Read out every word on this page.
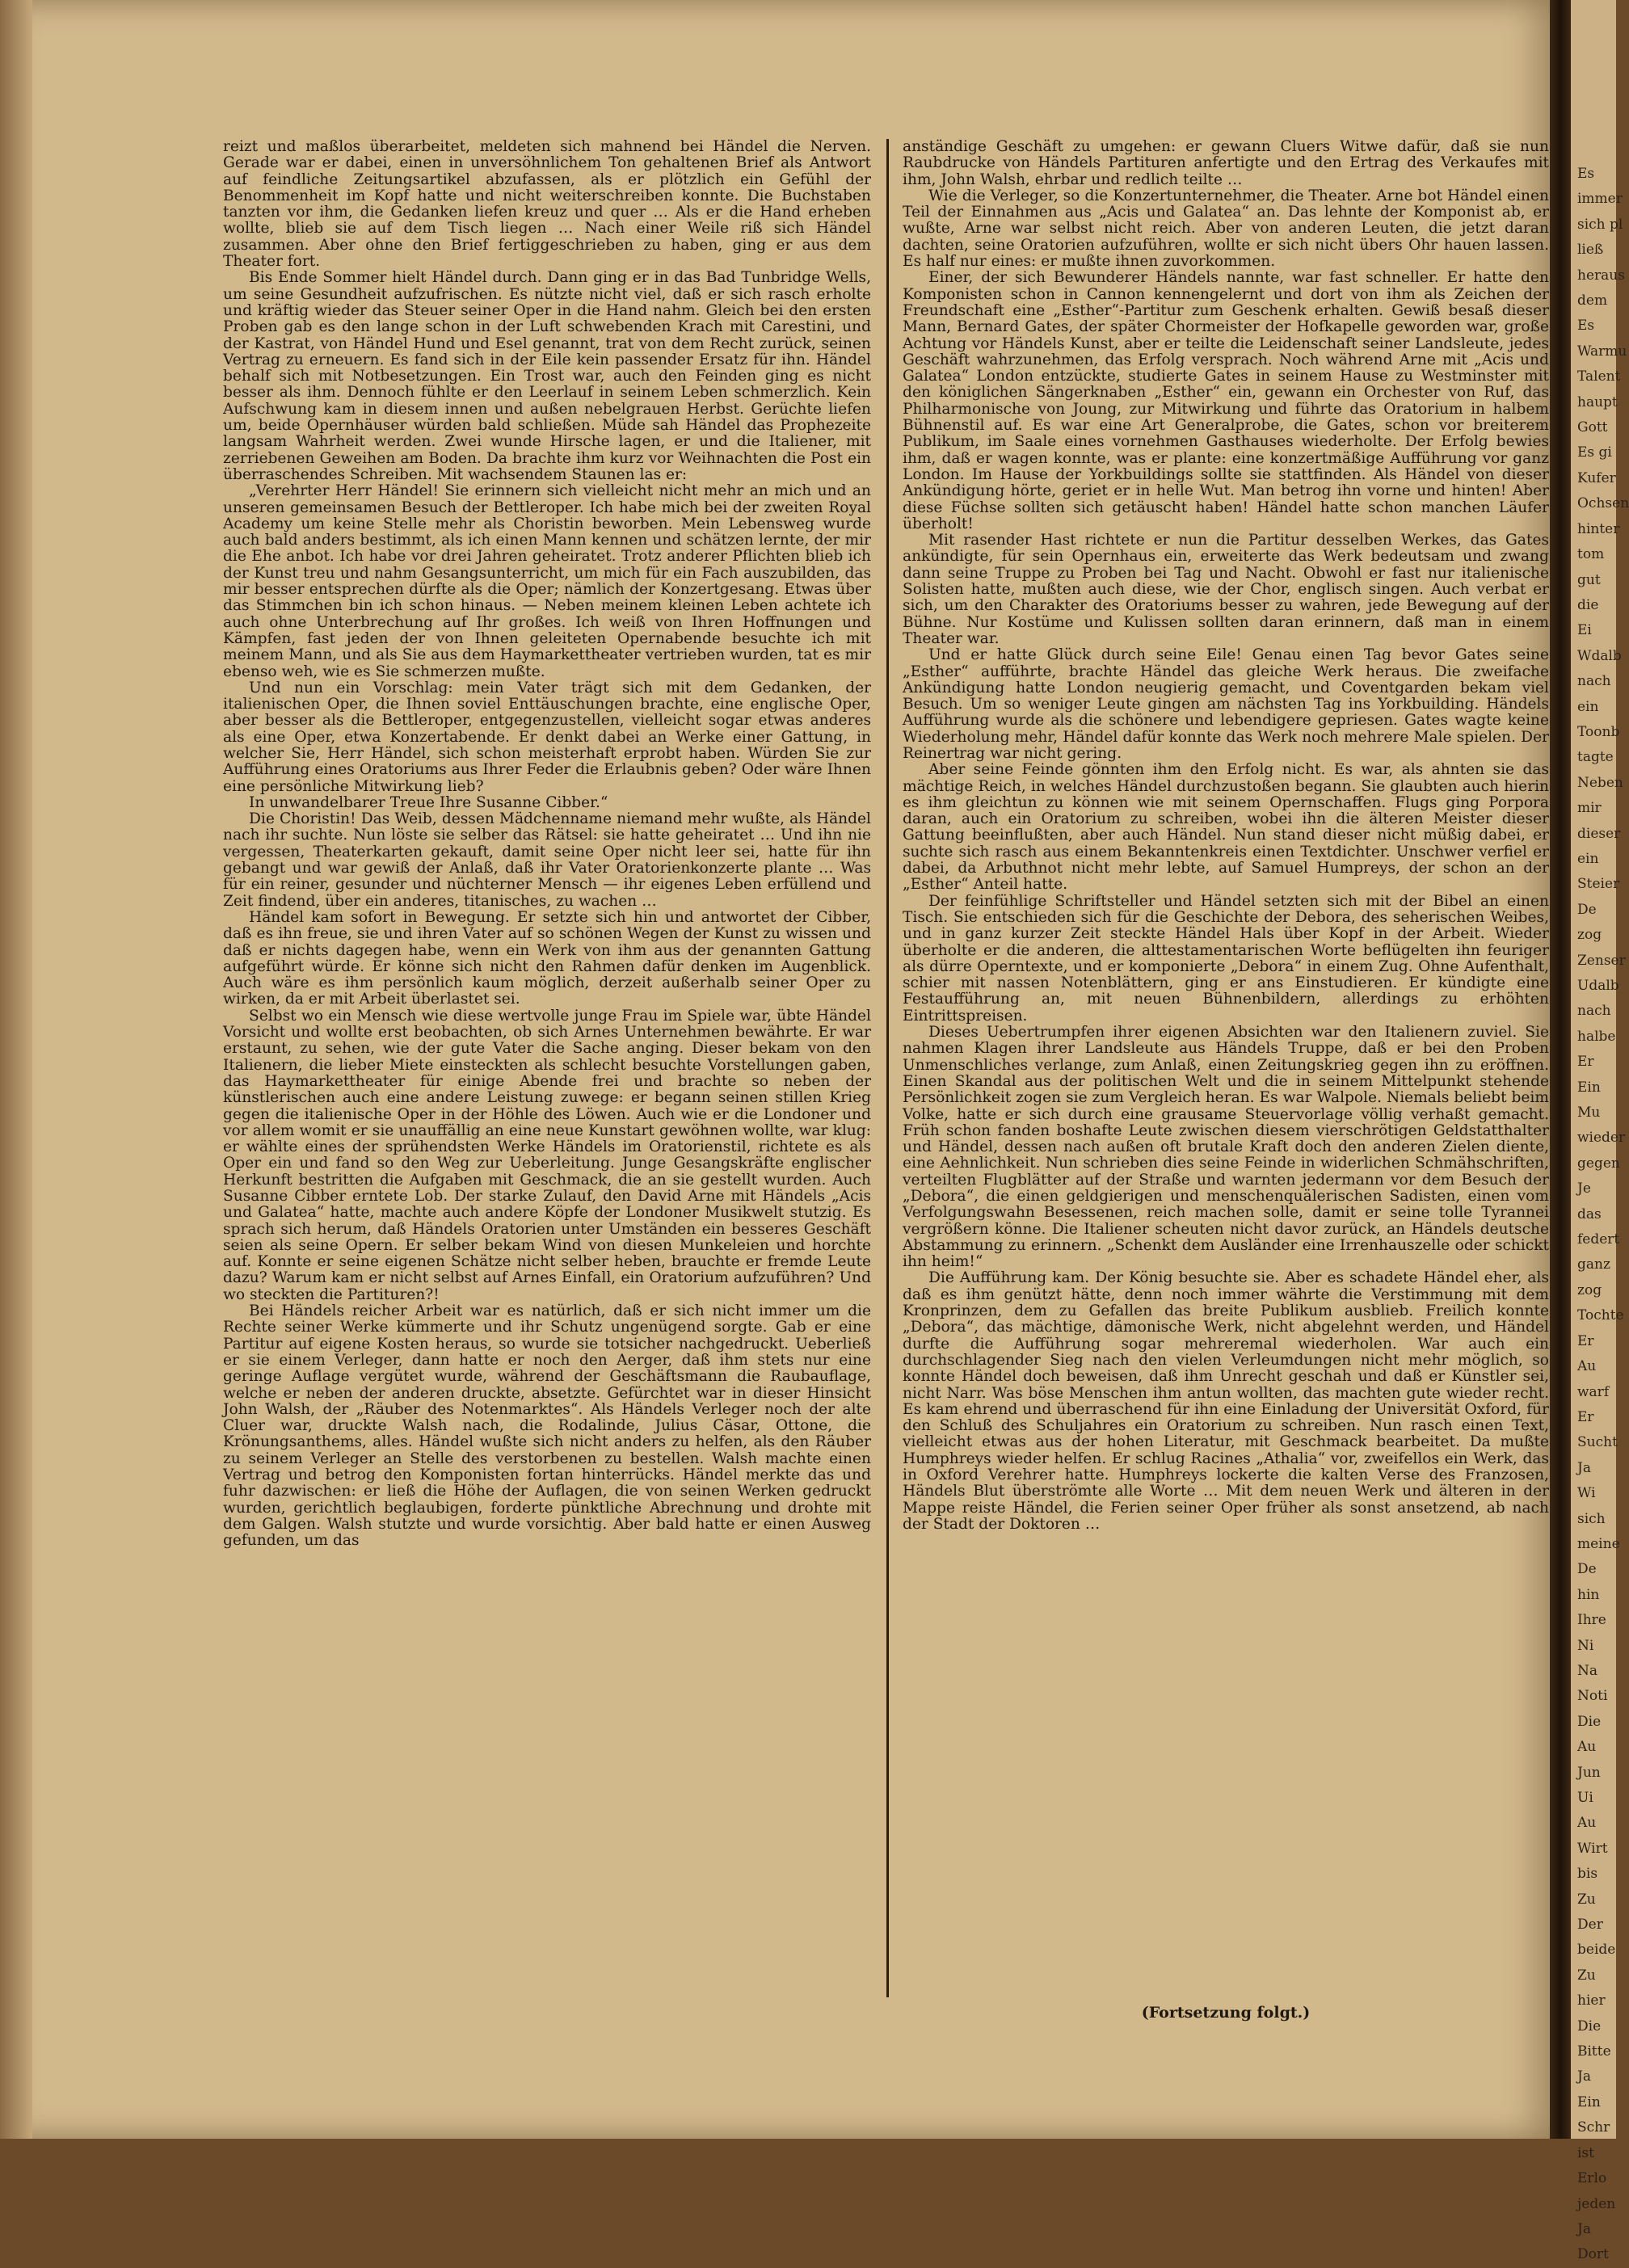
reizt und maßlos überarbeitet, meldeten sich mahnend bei Händel die Nerven. Gerade war er dabei, einen in unversöhnlichem Ton gehaltenen Brief als Antwort auf feindliche Zeitungsartikel abzufassen, als er plötzlich ein Gefühl der Benommenheit im Kopf hatte und nicht weiterschreiben konnte. Die Buchstaben tanzten vor ihm, die Gedanken liefen kreuz und quer … Als er die Hand erheben wollte, blieb sie auf dem Tisch liegen … Nach einer Weile riß sich Händel zusammen. Aber ohne den Brief fertiggeschrieben zu haben, ging er aus dem Theater fort.

Bis Ende Sommer hielt Händel durch. Dann ging er in das Bad Tunbridge Wells, um seine Gesundheit aufzufrischen. Es nützte nicht viel, daß er sich rasch erholte und kräftig wieder das Steuer seiner Oper in die Hand nahm. Gleich bei den ersten Proben gab es den lange schon in der Luft schwebenden Krach mit Carestini, und der Kastrat, von Händel Hund und Esel genannt, trat von dem Recht zurück, seinen Vertrag zu erneuern. Es fand sich in der Eile kein passender Ersatz für ihn. Händel behalf sich mit Notbesetzungen. Ein Trost war, auch den Feinden ging es nicht besser als ihm. Dennoch fühlte er den Leerlauf in seinem Leben schmerzlich. Kein Aufschwung kam in diesem innen und außen nebelgrauen Herbst. Gerüchte liefen um, beide Opernhäuser würden bald schließen. Müde sah Händel das Prophezeite langsam Wahrheit werden. Zwei wunde Hirsche lagen, er und die Italiener, mit zerriebenen Geweihen am Boden. Da brachte ihm kurz vor Weihnachten die Post ein überraschendes Schreiben. Mit wachsendem Staunen las er:

„Verehrter Herr Händel! Sie erinnern sich vielleicht nicht mehr an mich und an unseren gemeinsamen Besuch der Bettleroper. Ich habe mich bei der zweiten Royal Academy um keine Stelle mehr als Choristin beworben. Mein Lebensweg wurde auch bald anders bestimmt, als ich einen Mann kennen und schätzen lernte, der mir die Ehe anbot. Ich habe vor drei Jahren geheiratet. Trotz anderer Pflichten blieb ich der Kunst treu und nahm Gesangsunterricht, um mich für ein Fach auszubilden, das mir besser entsprechen dürfte als die Oper; nämlich der Konzertgesang. Etwas über das Stimmchen bin ich schon hinaus. — Neben meinem kleinen Leben achtete ich auch ohne Unterbrechung auf Ihr großes. Ich weiß von Ihren Hoffnungen und Kämpfen, fast jeden der von Ihnen geleiteten Opernabende besuchte ich mit meinem Mann, und als Sie aus dem Haymarkettheater vertrieben wurden, tat es mir ebenso weh, wie es Sie schmerzen mußte.

Und nun ein Vorschlag: mein Vater trägt sich mit dem Gedanken, der italienischen Oper, die Ihnen soviel Enttäuschungen brachte, eine englische Oper, aber besser als die Bettleroper, entgegenzustellen, vielleicht sogar etwas anderes als eine Oper, etwa Konzertabende. Er denkt dabei an Werke einer Gattung, in welcher Sie, Herr Händel, sich schon meisterhaft erprobt haben. Würden Sie zur Aufführung eines Oratoriums aus Ihrer Feder die Erlaubnis geben? Oder wäre Ihnen eine persönliche Mitwirkung lieb?

In unwandelbarer Treue Ihre Susanne Cibber.“

Die Choristin! Das Weib, dessen Mädchenname niemand mehr wußte, als Händel nach ihr suchte. Nun löste sie selber das Rätsel: sie hatte geheiratet … Und ihn nie vergessen, Theaterkarten gekauft, damit seine Oper nicht leer sei, hatte für ihn gebangt und war gewiß der Anlaß, daß ihr Vater Oratorienkonzerte plante … Was für ein reiner, gesunder und nüchterner Mensch — ihr eigenes Leben erfüllend und Zeit findend, über ein anderes, titanisches, zu wachen …

Händel kam sofort in Bewegung. Er setzte sich hin und antwortet der Cibber, daß es ihn freue, sie und ihren Vater auf so schönen Wegen der Kunst zu wissen und daß er nichts dagegen habe, wenn ein Werk von ihm aus der genannten Gattung aufgeführt würde. Er könne sich nicht den Rahmen dafür denken im Augenblick. Auch wäre es ihm persönlich kaum möglich, derzeit außerhalb seiner Oper zu wirken, da er mit Arbeit überlastet sei.

Selbst wo ein Mensch wie diese wertvolle junge Frau im Spiele war, übte Händel Vorsicht und wollte erst beobachten, ob sich Arnes Unternehmen bewährte. Er war erstaunt, zu sehen, wie der gute Vater die Sache anging. Dieser bekam von den Italienern, die lieber Miete einsteckten als schlecht besuchte Vorstellungen gaben, das Haymarkettheater für einige Abende frei und brachte so neben der künstlerischen auch eine andere Leistung zuwege: er begann seinen stillen Krieg gegen die italienische Oper in der Höhle des Löwen. Auch wie er die Londoner und vor allem womit er sie unauffällig an eine neue Kunstart gewöhnen wollte, war klug: er wählte eines der sprühendsten Werke Händels im Oratorienstil, richtete es als Oper ein und fand so den Weg zur Ueberleitung. Junge Gesangskräfte englischer Herkunft bestritten die Aufgaben mit Geschmack, die an sie gestellt wurden. Auch Susanne Cibber erntete Lob. Der starke Zulauf, den David Arne mit Händels „Acis und Galatea“ hatte, machte auch andere Köpfe der Londoner Musikwelt stutzig. Es sprach sich herum, daß Händels Oratorien unter Umständen ein besseres Geschäft seien als seine Opern. Er selber bekam Wind von diesen Munkeleien und horchte auf. Konnte er seine eigenen Schätze nicht selber heben, brauchte er fremde Leute dazu? Warum kam er nicht selbst auf Arnes Einfall, ein Oratorium aufzuführen? Und wo steckten die Partituren?!

Bei Händels reicher Arbeit war es natürlich, daß er sich nicht immer um die Rechte seiner Werke kümmerte und ihr Schutz ungenügend sorgte. Gab er eine Partitur auf eigene Kosten heraus, so wurde sie totsicher nachgedruckt. Ueberließ er sie einem Verleger, dann hatte er noch den Aerger, daß ihm stets nur eine geringe Auflage vergütet wurde, während der Geschäftsmann die Raubauflage, welche er neben der anderen druckte, absetzte. Gefürchtet war in dieser Hinsicht John Walsh, der „Räuber des Notenmarktes“. Als Händels Verleger noch der alte Cluer war, druckte Walsh nach, die Rodalinde, Julius Cäsar, Ottone, die Krönungsanthems, alles. Händel wußte sich nicht anders zu helfen, als den Räuber zu seinem Verleger an Stelle des verstorbenen zu bestellen. Walsh machte einen Vertrag und betrog den Komponisten fortan hinterrücks. Händel merkte das und fuhr dazwischen: er ließ die Höhe der Auflagen, die von seinen Werken gedruckt wurden, gerichtlich beglaubigen, forderte pünktliche Abrechnung und drohte mit dem Galgen. Walsh stutzte und wurde vorsichtig. Aber bald hatte er einen Ausweg gefunden, um das

anständige Geschäft zu umgehen: er gewann Cluers Witwe dafür, daß sie nun Raubdrucke von Händels Partituren anfertigte und den Ertrag des Verkaufes mit ihm, John Walsh, ehrbar und redlich teilte …

Wie die Verleger, so die Konzertunternehmer, die Theater. Arne bot Händel einen Teil der Einnahmen aus „Acis und Galatea“ an. Das lehnte der Komponist ab, er wußte, Arne war selbst nicht reich. Aber von anderen Leuten, die jetzt daran dachten, seine Oratorien aufzuführen, wollte er sich nicht übers Ohr hauen lassen. Es half nur eines: er mußte ihnen zuvorkommen.

Einer, der sich Bewunderer Händels nannte, war fast schneller. Er hatte den Komponisten schon in Cannon kennengelernt und dort von ihm als Zeichen der Freundschaft eine „Esther“-Partitur zum Geschenk erhalten. Gewiß besaß dieser Mann, Bernard Gates, der später Chormeister der Hofkapelle geworden war, große Achtung vor Händels Kunst, aber er teilte die Leidenschaft seiner Landsleute, jedes Geschäft wahrzunehmen, das Erfolg versprach. Noch während Arne mit „Acis und Galatea“ London entzückte, studierte Gates in seinem Hause zu Westminster mit den königlichen Sängerknaben „Esther“ ein, gewann ein Orchester von Ruf, das Philharmonische von Joung, zur Mitwirkung und führte das Oratorium in halbem Bühnenstil auf. Es war eine Art Generalprobe, die Gates, schon vor breiterem Publikum, im Saale eines vornehmen Gasthauses wiederholte. Der Erfolg bewies ihm, daß er wagen konnte, was er plante: eine konzertmäßige Aufführung vor ganz London. Im Hause der Yorkbuildings sollte sie stattfinden. Als Händel von dieser Ankündigung hörte, geriet er in helle Wut. Man betrog ihn vorne und hinten! Aber diese Füchse sollten sich getäuscht haben! Händel hatte schon manchen Läufer überholt!

Mit rasender Hast richtete er nun die Partitur desselben Werkes, das Gates ankündigte, für sein Opernhaus ein, erweiterte das Werk bedeutsam und zwang dann seine Truppe zu Proben bei Tag und Nacht. Obwohl er fast nur italienische Solisten hatte, mußten auch diese, wie der Chor, englisch singen. Auch verbat er sich, um den Charakter des Oratoriums besser zu wahren, jede Bewegung auf der Bühne. Nur Kostüme und Kulissen sollten daran erinnern, daß man in einem Theater war.

Und er hatte Glück durch seine Eile! Genau einen Tag bevor Gates seine „Esther“ aufführte, brachte Händel das gleiche Werk heraus. Die zweifache Ankündigung hatte London neugierig gemacht, und Coventgarden bekam viel Besuch. Um so weniger Leute gingen am nächsten Tag ins Yorkbuilding. Händels Aufführung wurde als die schönere und lebendigere gepriesen. Gates wagte keine Wiederholung mehr, Händel dafür konnte das Werk noch mehrere Male spielen. Der Reinertrag war nicht gering.

Aber seine Feinde gönnten ihm den Erfolg nicht. Es war, als ahnten sie das mächtige Reich, in welches Händel durchzustoßen begann. Sie glaubten auch hierin es ihm gleichtun zu können wie mit seinem Opernschaffen. Flugs ging Porpora daran, auch ein Oratorium zu schreiben, wobei ihn die älteren Meister dieser Gattung beeinflußten, aber auch Händel. Nun stand dieser nicht müßig dabei, er suchte sich rasch aus einem Bekanntenkreis einen Textdichter. Unschwer verfiel er dabei, da Arbuthnot nicht mehr lebte, auf Samuel Humpreys, der schon an der „Esther“ Anteil hatte.

Der feinfühlige Schriftsteller und Händel setzten sich mit der Bibel an einen Tisch. Sie entschieden sich für die Geschichte der Debora, des seherischen Weibes, und in ganz kurzer Zeit steckte Händel Hals über Kopf in der Arbeit. Wieder überholte er die anderen, die alttestamentarischen Worte beflügelten ihn feuriger als dürre Operntexte, und er komponierte „Debora“ in einem Zug. Ohne Aufenthalt, schier mit nassen Notenblättern, ging er ans Einstudieren. Er kündigte eine Festaufführung an, mit neuen Bühnenbildern, allerdings zu erhöhten Eintrittspreisen.

Dieses Uebertrumpfen ihrer eigenen Absichten war den Italienern zuviel. Sie nahmen Klagen ihrer Landsleute aus Händels Truppe, daß er bei den Proben Unmenschliches verlange, zum Anlaß, einen Zeitungskrieg gegen ihn zu eröffnen. Einen Skandal aus der politischen Welt und die in seinem Mittelpunkt stehende Persönlichkeit zogen sie zum Vergleich heran. Es war Walpole. Niemals beliebt beim Volke, hatte er sich durch eine grausame Steuervorlage völlig verhaßt gemacht. Früh schon fanden boshafte Leute zwischen diesem vierschrötigen Geldstatthalter und Händel, dessen nach außen oft brutale Kraft doch den anderen Zielen diente, eine Aehnlichkeit. Nun schrieben dies seine Feinde in widerlichen Schmähschriften, verteilten Flugblätter auf der Straße und warnten jedermann vor dem Besuch der „Debora“, die einen geldgierigen und menschenquälerischen Sadisten, einen vom Verfolgungswahn Besessenen, reich machen solle, damit er seine tolle Tyrannei vergrößern könne. Die Italiener scheuten nicht davor zurück, an Händels deutsche Abstammung zu erinnern. „Schenkt dem Ausländer eine Irrenhauszelle oder schickt ihn heim!“

Die Aufführung kam. Der König besuchte sie. Aber es schadete Händel eher, als daß es ihm genützt hätte, denn noch immer währte die Verstimmung mit dem Kronprinzen, dem zu Gefallen das breite Publikum ausblieb. Freilich konnte „Debora“, das mächtige, dämonische Werk, nicht abgelehnt werden, und Händel durfte die Aufführung sogar mehreremal wiederholen. War auch ein durchschlagender Sieg nach den vielen Verleumdungen nicht mehr möglich, so konnte Händel doch beweisen, daß ihm Unrecht geschah und daß er Künstler sei, nicht Narr. Was böse Menschen ihm antun wollten, das machten gute wieder recht. Es kam ehrend und überraschend für ihn eine Einladung der Universität Oxford, für den Schluß des Schuljahres ein Oratorium zu schreiben. Nun rasch einen Text, vielleicht etwas aus der hohen Literatur, mit Geschmack bearbeitet. Da mußte Humphreys wieder helfen. Er schlug Racines „Athalia“ vor, zweifellos ein Werk, das in Oxford Verehrer hatte. Humphreys lockerte die kalten Verse des Franzosen, Händels Blut überströmte alle Worte … Mit dem neuen Werk und älteren in der Mappe reiste Händel, die Ferien seiner Oper früher als sonst ansetzend, ab nach der Stadt der Doktoren …

(Fortsetzung folgt.)
Es
immer
sich pl
ließ
heraus
dem
Es
Warmu
Talent
haupt
Gott
Es gi
Kufer
Ochsen
hinter
tom
gut
die
Ei
Wdalb
nach
ein
Toonb
tagte
Neben
mir
dieser
ein
Steier
De
zog
Zenser
Udalb
nach
halbe
Er
Ein
Mu
wieder
gegen
Je
das
federt
ganz
zog
Tochte
Er
Au
warf
Er
Sucht
Ja
Wi
sich
meine
De
hin
Ihre
Ni
Na
Noti
Die
Au
Jun
Ui
Au
Wirt
bis
Zu
Der
beide
Zu
hier
Die
Bitte
Ja
Ein
Schr
ist
Erlo
jeden
Ja
Dort
